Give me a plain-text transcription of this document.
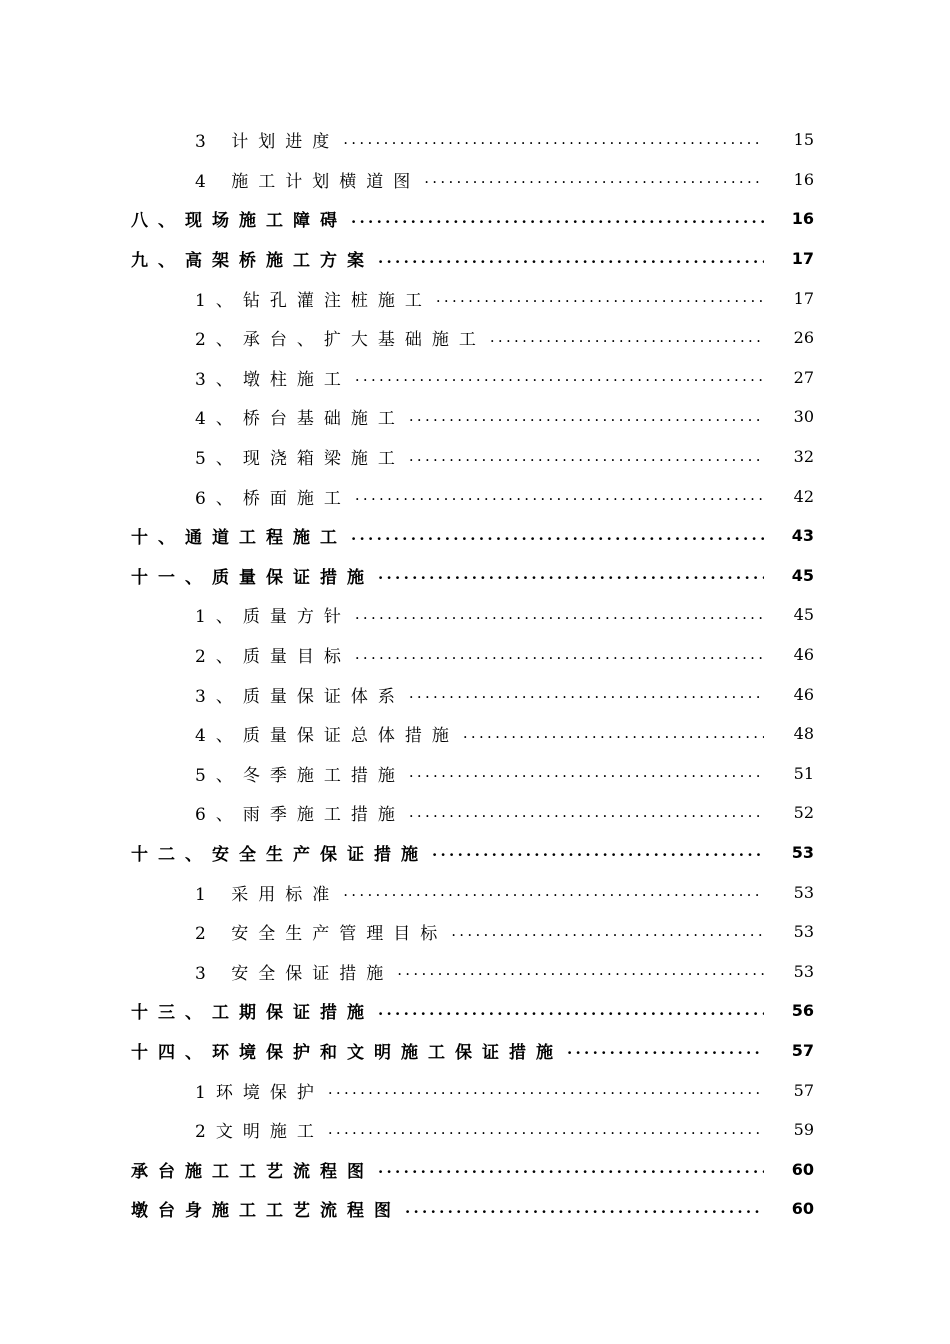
3 计划进度 .....	15
4 施工计划横道图 .....	16
八、现场施工障碍 .....	16
九、高架桥施工方案 .....	17
1、钻孔灌注桩施工 .....	17
2、承台、扩大基础施工 .....	26
3、墩柱施工 .....	27
4、桥台基础施工 .....	30
5、现浇箱梁施工 .....	32
6、桥面施工 .....	42
十、通道工程施工 .....	43
十一、质量保证措施 .....	45
1、质量方针 .....	45
2、质量目标 .....	46
3、质量保证体系 .....	46
4、质量保证总体措施 .....	48
5、冬季施工措施 .....	51
6、雨季施工措施 .....	52
十二、安全生产保证措施 .....	53
1 采用标准 .....	53
2 安全生产管理目标 .....	53
3 安全保证措施 .....	53
十三、工期保证措施 .....	56
十四、环境保护和文明施工保证措施 .....	57
1环境保护 .....	57
2文明施工 .....	59
承台施工工艺流程图 .....	60
墩台身施工工艺流程图 .....	60
